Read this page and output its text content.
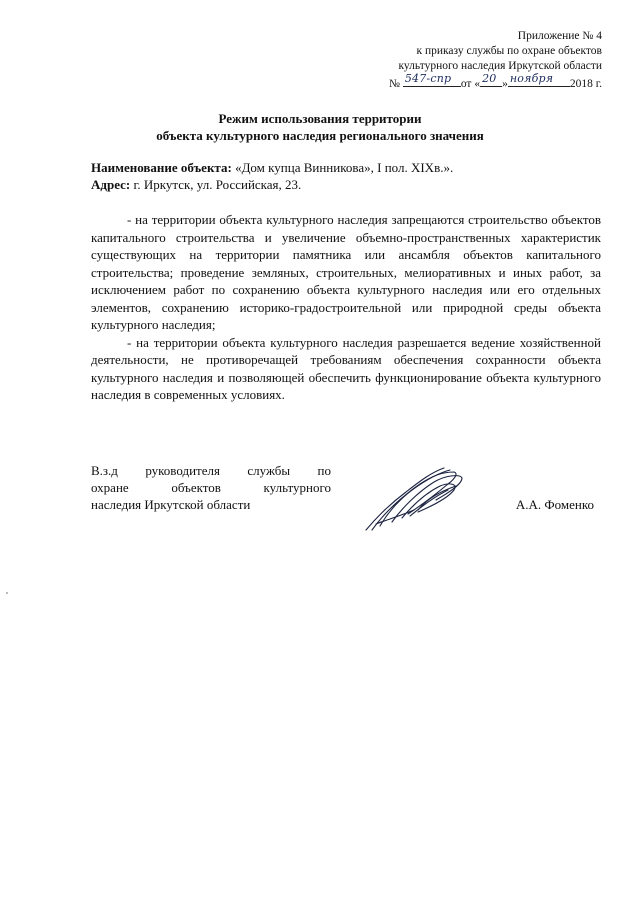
Приложение № 4
к приказу службы по охране объектов
культурного наследия Иркутской области
№ 547-спр от « 20 » ноября 2018 г.
Режим использования территории
объекта культурного наследия регионального значения
Наименование объекта: «Дом купца Винникова», I пол. XIXв.».
Адрес: г. Иркутск, ул. Российская, 23.

- на территории объекта культурного наследия запрещаются строительство объектов капитального строительства и увеличение объемно-пространственных характеристик существующих на территории памятника или ансамбля объектов капитального строительства; проведение земляных, строительных, мелиоративных и иных работ, за исключением работ по сохранению объекта культурного наследия или его отдельных элементов, сохранению историко-градостроительной или природной среды объекта культурного наследия;

- на территории объекта культурного наследия разрешается ведение хозяйственной деятельности, не противоречащей требованиям обеспечения сохранности объекта культурного наследия и позволяющей обеспечить функционирование объекта культурного наследия в современных условиях.

В.з.д руководителя службы по
охране объектов культурного
наследия Иркутской области	А.А. Фоменко
